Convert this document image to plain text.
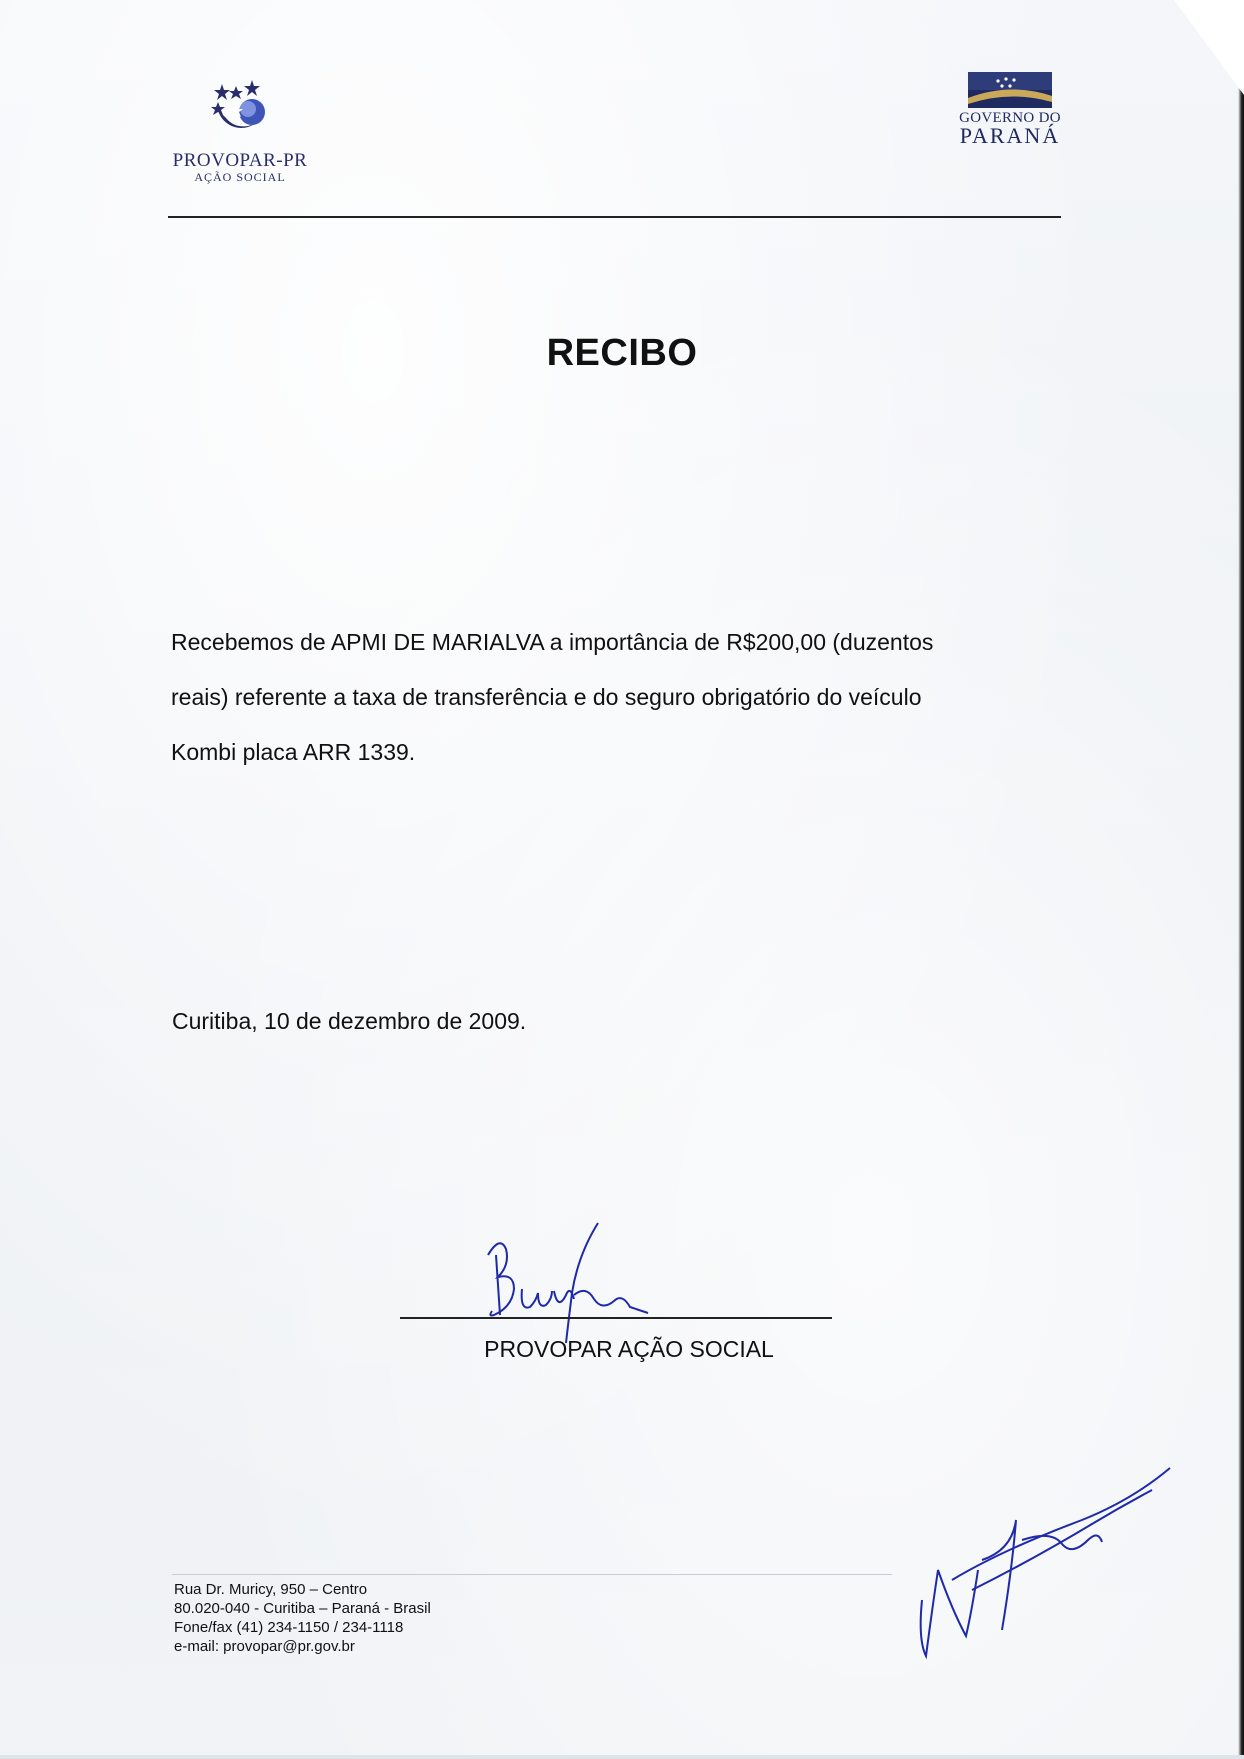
PROVOPAR-PR
AÇÃO SOCIAL
GOVERNO DO
PARANÁ
RECIBO

Recebemos de APMI DE MARIALVA a importância de R$200,00 (duzentos

reais) referente a taxa de transferência e do seguro obrigatório do veículo

Kombi placa ARR 1339.

Curitiba, 10 de dezembro de 2009.
PROVOPAR AÇÃO SOCIAL
Rua Dr. Muricy, 950 – Centro
80.020-040 - Curitiba – Paraná - Brasil
Fone/fax (41) 234-1150 / 234-1118
e-mail: provopar@pr.gov.br
